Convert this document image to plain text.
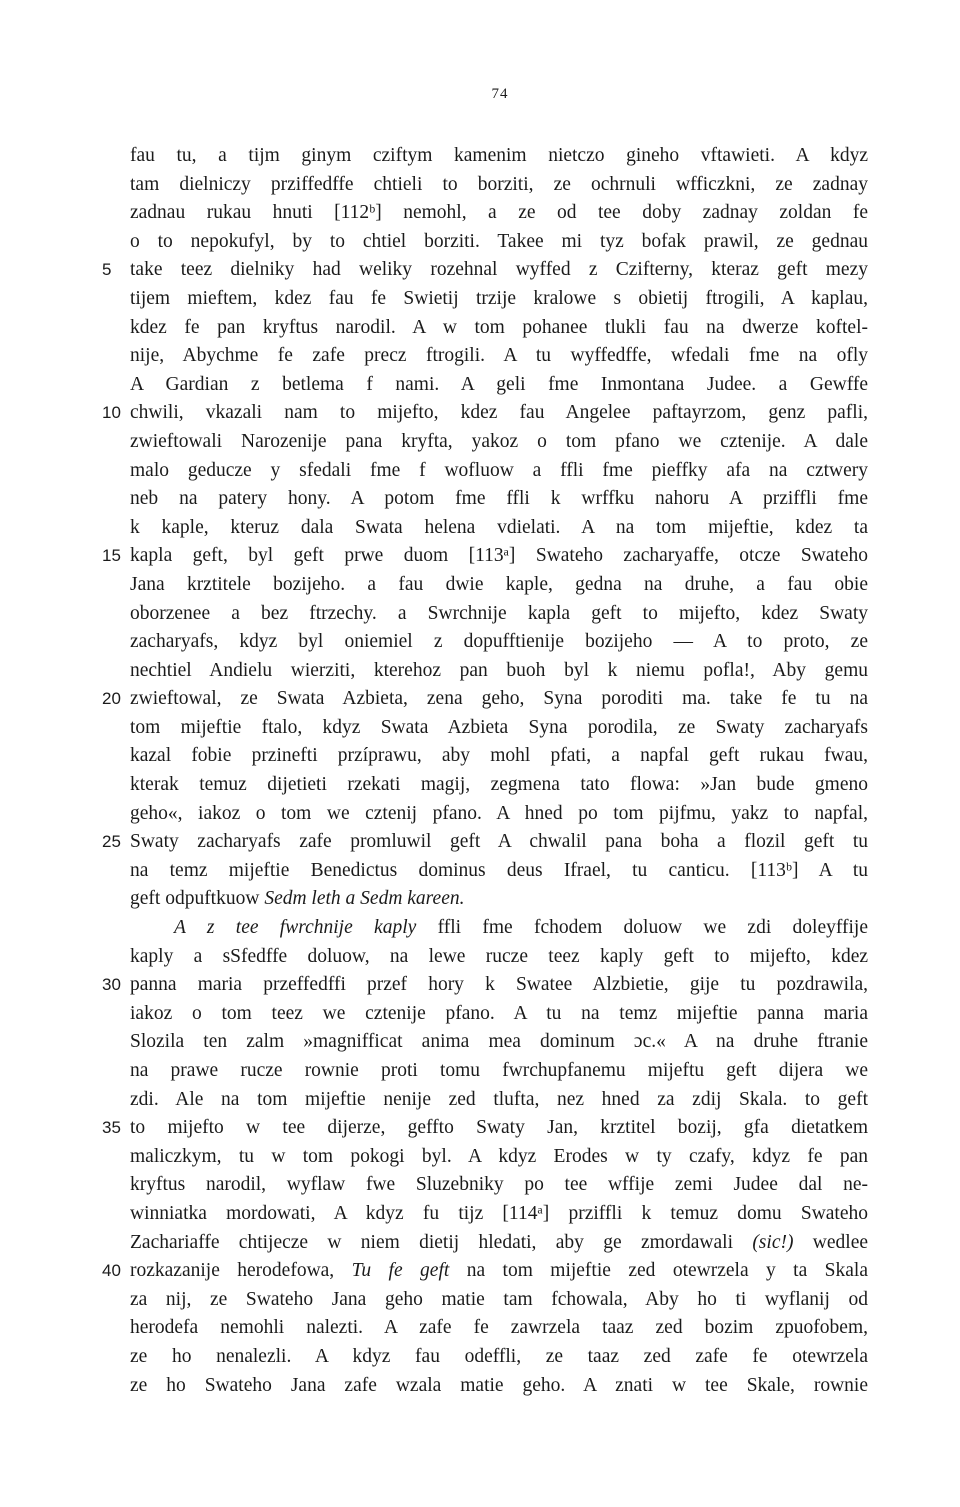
74
fau tu, a tijm ginym cziftym kamenim nietczo gineho vftawieti. A kdyz
tam dielniczy prziffedffe chtieli to borziti, ze ochrnuli wfficzkni, ze zadnay
zadnau rukau hnuti [112ᵇ] nemohl, a ze od tee doby zadnay zoldan fe
o to nepokufyl, by to chtiel borziti. Takee mi tyz bofak prawil, ze gednau
5 take teez dielniky had weliky rozehnal wyffed z Czifterny, kteraz geft mezy
tijem mieftem, kdez fau fe Swietij trzije kralowe s obietij ftrogili, A kaplau,
kdez fe pan kryftus narodil. A w tom pohanee tlukli fau na dwerze koftel-
nije, Abychme fe zafe precz ftrogili. A tu wyffedffe, wfedali fme na ofly
A Gardian z betlema f nami. A geli fme Inmontana Judee. a Gewffe
10 chwili, vkazali nam to mijefto, kdez fau Angelee paftayrzom, genz pafli,
zwieftowali Narozenije pana kryfta, yakoz o tom pfano we cztenije. A dale
malo geducze y sfedali fme f wofluow a ffli fme pieffky afa na cztwery
neb na patery hony. A potom fme ffli k wrffku nahoru A prziffli fme
k kaple, kteruz dala Swata helena vdielati. A na tom mijeftie, kdez ta
15 kapla geft, byl geft prwe duom [113ᵃ] Swateho zacharyaffe, otcze Swateho
Jana krztitele bozijeho. a fau dwie kaple, gedna na druhe, a fau obie
oborzenee a bez ftrzechy. a Swrchnije kapla geft to mijefto, kdez Swaty
zacharyafs, kdyz byl oniemiel z dopufftienije bozijeho — A to proto, ze
nechtiel Andielu wierziti, kterehoz pan buoh byl k niemu pofla!, Aby gemu
20 zwieftowal, ze Swata Azbieta, zena geho, Syna poroditi ma. take fe tu na
tom mijeftie ftalo, kdyz Swata Azbieta Syna porodila, ze Swaty zacharyafs
kazal fobie przinefti przíprawu, aby mohl pfati, a napfal geft rukau fwau,
kterak temuz dijetieti rzekati magij, zegmena tato flowa: »Jan bude gmeno
geho«, iakoz o tom we cztenij pfano. A hned po tom pijfmu, yakz to napfal,
25 Swaty zacharyafs zafe promluwil geft A chwalil pana boha a flozil geft tu
na temz mijeftie Benedictus dominus deus Ifrael, tu canticu. [113ᵇ] A tu
geft odpuftkuow Sedm leth a Sedm kareen.
A z tee fwrchnije kaply ffli fme fchodem doluow we zdi doleyffije
kaply a sSfedffe doluow, na lewe rucze teez kaply geft to mijefto, kdez
30 panna maria przeffedffi przef hory k Swatee Alzbietie, gije tu pozdrawila,
iakoz o tom teez we cztenije pfano. A tu na temz mijeftie panna maria
Slozila ten zalm »magnifficat anima mea dominum ɔc.« A na druhe ftranie
na prawe rucze rownie proti tomu fwrchupfanemu mijeftu geft dijera we
zdi. Ale na tom mijeftie nenije zed tlufta, nez hned za zdij Skala. to geft
35 to mijefto w tee dijerze, geffto Swaty Jan, krztitel bozij, gfa dietatkem
maliczkym, tu w tom pokogi byl. A kdyz Erodes w ty czafy, kdyz fe pan
kryftus narodil, wyflaw fwe Sluzebniky po tee wffije zemi Judee dal ne-
winniatka mordowati, A kdyz fu tijz [114ᵃ] prziffli k temuz domu Swateho
Zachariaffe chtijecze w niem dietij hledati, aby ge zmordawali (sic!) wedlee
40 rozkazanije herodefowa, Tu fe geft na tom mijeftie zed otewrzela y ta Skala
za nij, ze Swateho Jana geho matie tam fchowala, Aby ho ti wyflanij od
herodefa nemohli nalezti. A zafe fe zawrzela taaz zed bozim zpuofobem,
ze ho nenalezli. A kdyz fau odeffli, ze taaz zed zafe fe otewrzela
ze ho Swateho Jana zafe wzala matie geho. A znati w tee Skale, rownie
